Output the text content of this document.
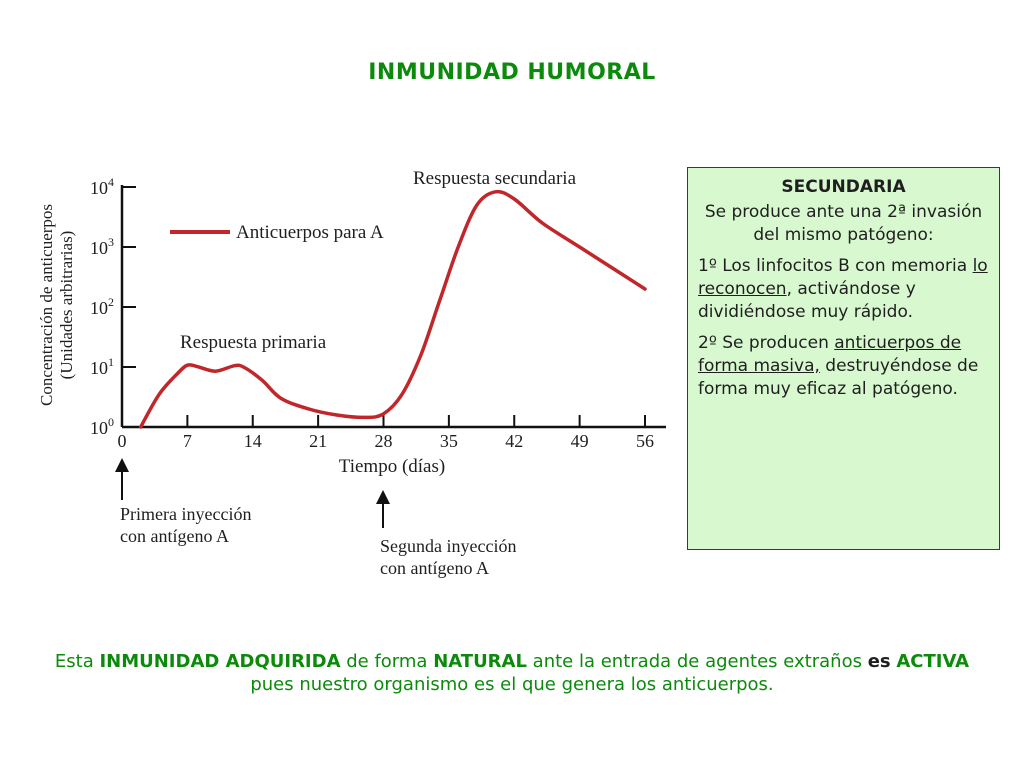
INMUNIDAD HUMORAL
Concentración de anticuerpos (Unidades arbitrarias)
$10^0$
$10^1$
$10^2$
$10^3$
$10^4$
0	7	14	21	28	35	42	49	56
Anticuerpos para A
Respuesta primaria
Respuesta secundaria
Tiempo (días)
Primera inyección
con antígeno A	Segunda inyección
con antígeno A
SECUNDARIA
Se produce ante una 2ª invasión del mismo patógeno:
1º Los linfocitos B con memoria lo reconocen, activándose y dividiéndose muy rápido.
2º Se producen anticuerpos de forma masiva, destruyéndose de forma muy eficaz al patógeno.
Esta INMUNIDAD ADQUIRIDA de forma NATURAL ante la entrada de agentes extraños es ACTIVA pues nuestro organismo es el que genera los anticuerpos.
